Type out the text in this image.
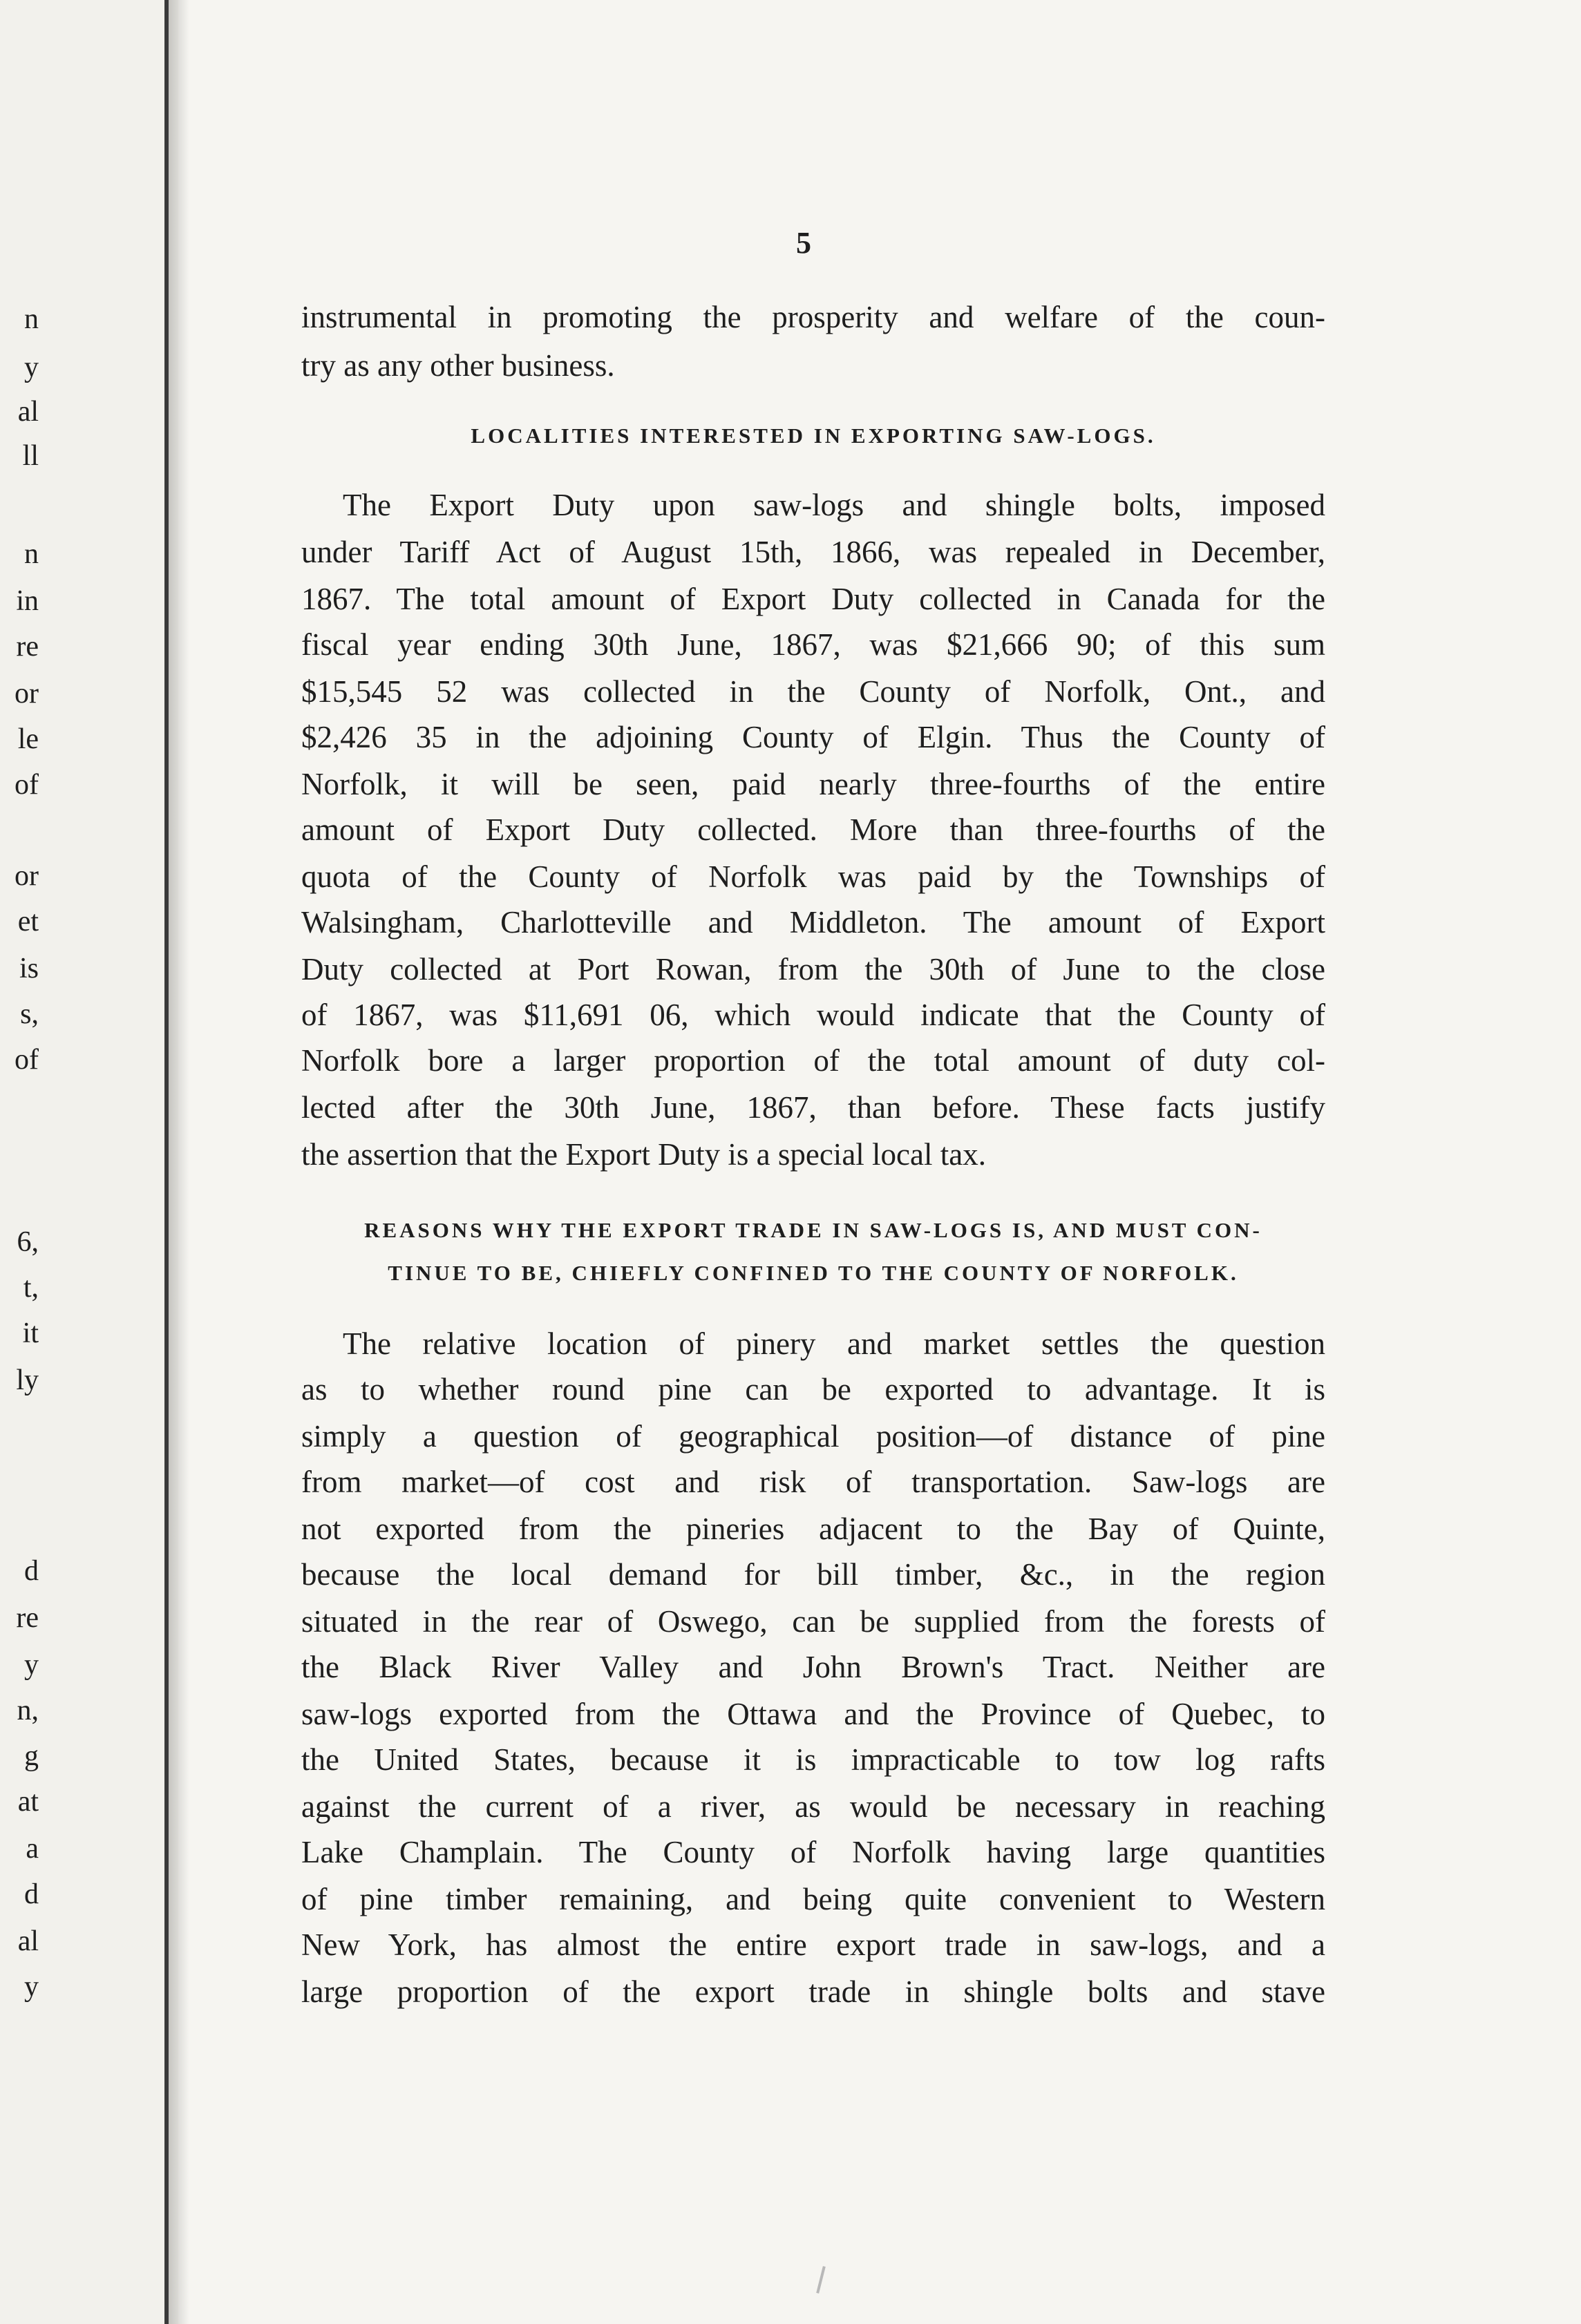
n
y
al
ll
n
in
re
or
le
of
or
et
is
s,
of
6,
t,
it
ly
d
re
y
n,
g
at
a
d
al
y
5
instrumental in promoting the prosperity and welfare of the coun-
try as any other business.
LOCALITIES INTERESTED IN EXPORTING SAW-LOGS.
The Export Duty upon saw-logs and shingle bolts, imposed
under Tariff Act of August 15th, 1866, was repealed in December,
1867. The total amount of Export Duty collected in Canada for the
fiscal year ending 30th June, 1867, was $21,666 90; of this sum
$15,545 52 was collected in the County of Norfolk, Ont., and
$2,426 35 in the adjoining County of Elgin. Thus the County of
Norfolk, it will be seen, paid nearly three-fourths of the entire
amount of Export Duty collected. More than three-fourths of the
quota of the County of Norfolk was paid by the Townships of
Walsingham, Charlotteville and Middleton. The amount of Export
Duty collected at Port Rowan, from the 30th of June to the close
of 1867, was $11,691 06, which would indicate that the County of
Norfolk bore a larger proportion of the total amount of duty col-
lected after the 30th June, 1867, than before. These facts justify
the assertion that the Export Duty is a special local tax.
REASONS WHY THE EXPORT TRADE IN SAW-LOGS IS, AND MUST CON-
TINUE TO BE, CHIEFLY CONFINED TO THE COUNTY OF NORFOLK.
The relative location of pinery and market settles the question
as to whether round pine can be exported to advantage. It is
simply a question of geographical position—of distance of pine
from market—of cost and risk of transportation. Saw-logs are
not exported from the pineries adjacent to the Bay of Quinte,
because the local demand for bill timber, &c., in the region
situated in the rear of Oswego, can be supplied from the forests of
the Black River Valley and John Brown's Tract. Neither are
saw-logs exported from the Ottawa and the Province of Quebec, to
the United States, because it is impracticable to tow log rafts
against the current of a river, as would be necessary in reaching
Lake Champlain. The County of Norfolk having large quantities
of pine timber remaining, and being quite convenient to Western
New York, has almost the entire export trade in saw-logs, and a
large proportion of the export trade in shingle bolts and stave
